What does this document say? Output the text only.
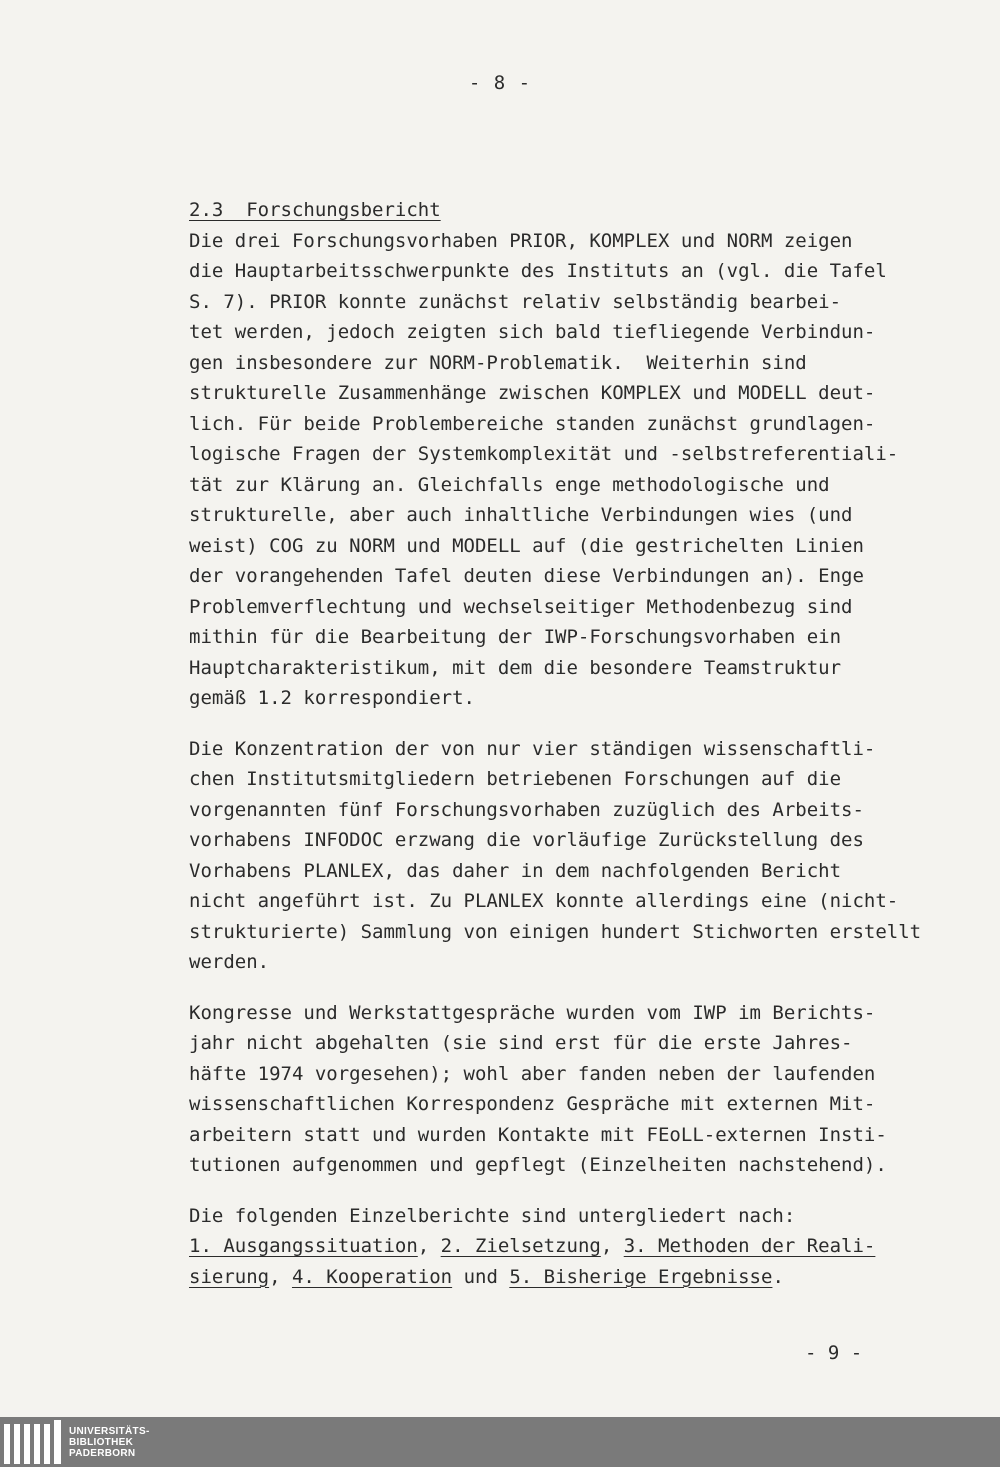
- 8 -
2.3  Forschungsbericht
Die drei Forschungsvorhaben PRIOR, KOMPLEX und NORM zeigen
die Hauptarbeitsschwerpunkte des Instituts an (vgl. die Tafel
S. 7). PRIOR konnte zunächst relativ selbständig bearbei-
tet werden, jedoch zeigten sich bald tiefliegende Verbindun-
gen insbesondere zur NORM-Problematik.  Weiterhin sind
strukturelle Zusammenhänge zwischen KOMPLEX und MODELL deut-
lich. Für beide Problembereiche standen zunächst grundlagen-
logische Fragen der Systemkomplexität und -selbstreferentiali-
tät zur Klärung an. Gleichfalls enge methodologische und
strukturelle, aber auch inhaltliche Verbindungen wies (und
weist) COG zu NORM und MODELL auf (die gestrichelten Linien
der vorangehenden Tafel deuten diese Verbindungen an). Enge
Problemverflechtung und wechselseitiger Methodenbezug sind
mithin für die Bearbeitung der IWP-Forschungsvorhaben ein
Hauptcharakteristikum, mit dem die besondere Teamstruktur
gemäß 1.2 korrespondiert.
Die Konzentration der von nur vier ständigen wissenschaftli-
chen Institutsmitgliedern betriebenen Forschungen auf die
vorgenannten fünf Forschungsvorhaben zuzüglich des Arbeits-
vorhabens INFODOC erzwang die vorläufige Zurückstellung des
Vorhabens PLANLEX, das daher in dem nachfolgenden Bericht
nicht angeführt ist. Zu PLANLEX konnte allerdings eine (nicht-
strukturierte) Sammlung von einigen hundert Stichworten erstellt
werden.
Kongresse und Werkstattgespräche wurden vom IWP im Berichts-
jahr nicht abgehalten (sie sind erst für die erste Jahres-
häfte 1974 vorgesehen); wohl aber fanden neben der laufenden
wissenschaftlichen Korrespondenz Gespräche mit externen Mit-
arbeitern statt und wurden Kontakte mit FEoLL-externen Insti-
tutionen aufgenommen und gepflegt (Einzelheiten nachstehend).
Die folgenden Einzelberichte sind untergliedert nach:
1. Ausgangssituation, 2. Zielsetzung, 3. Methoden der Reali-
sierung, 4. Kooperation und 5. Bisherige Ergebnisse.
- 9 -
UNIVERSITÄTS-
BIBLIOTHEK
PADERBORN
